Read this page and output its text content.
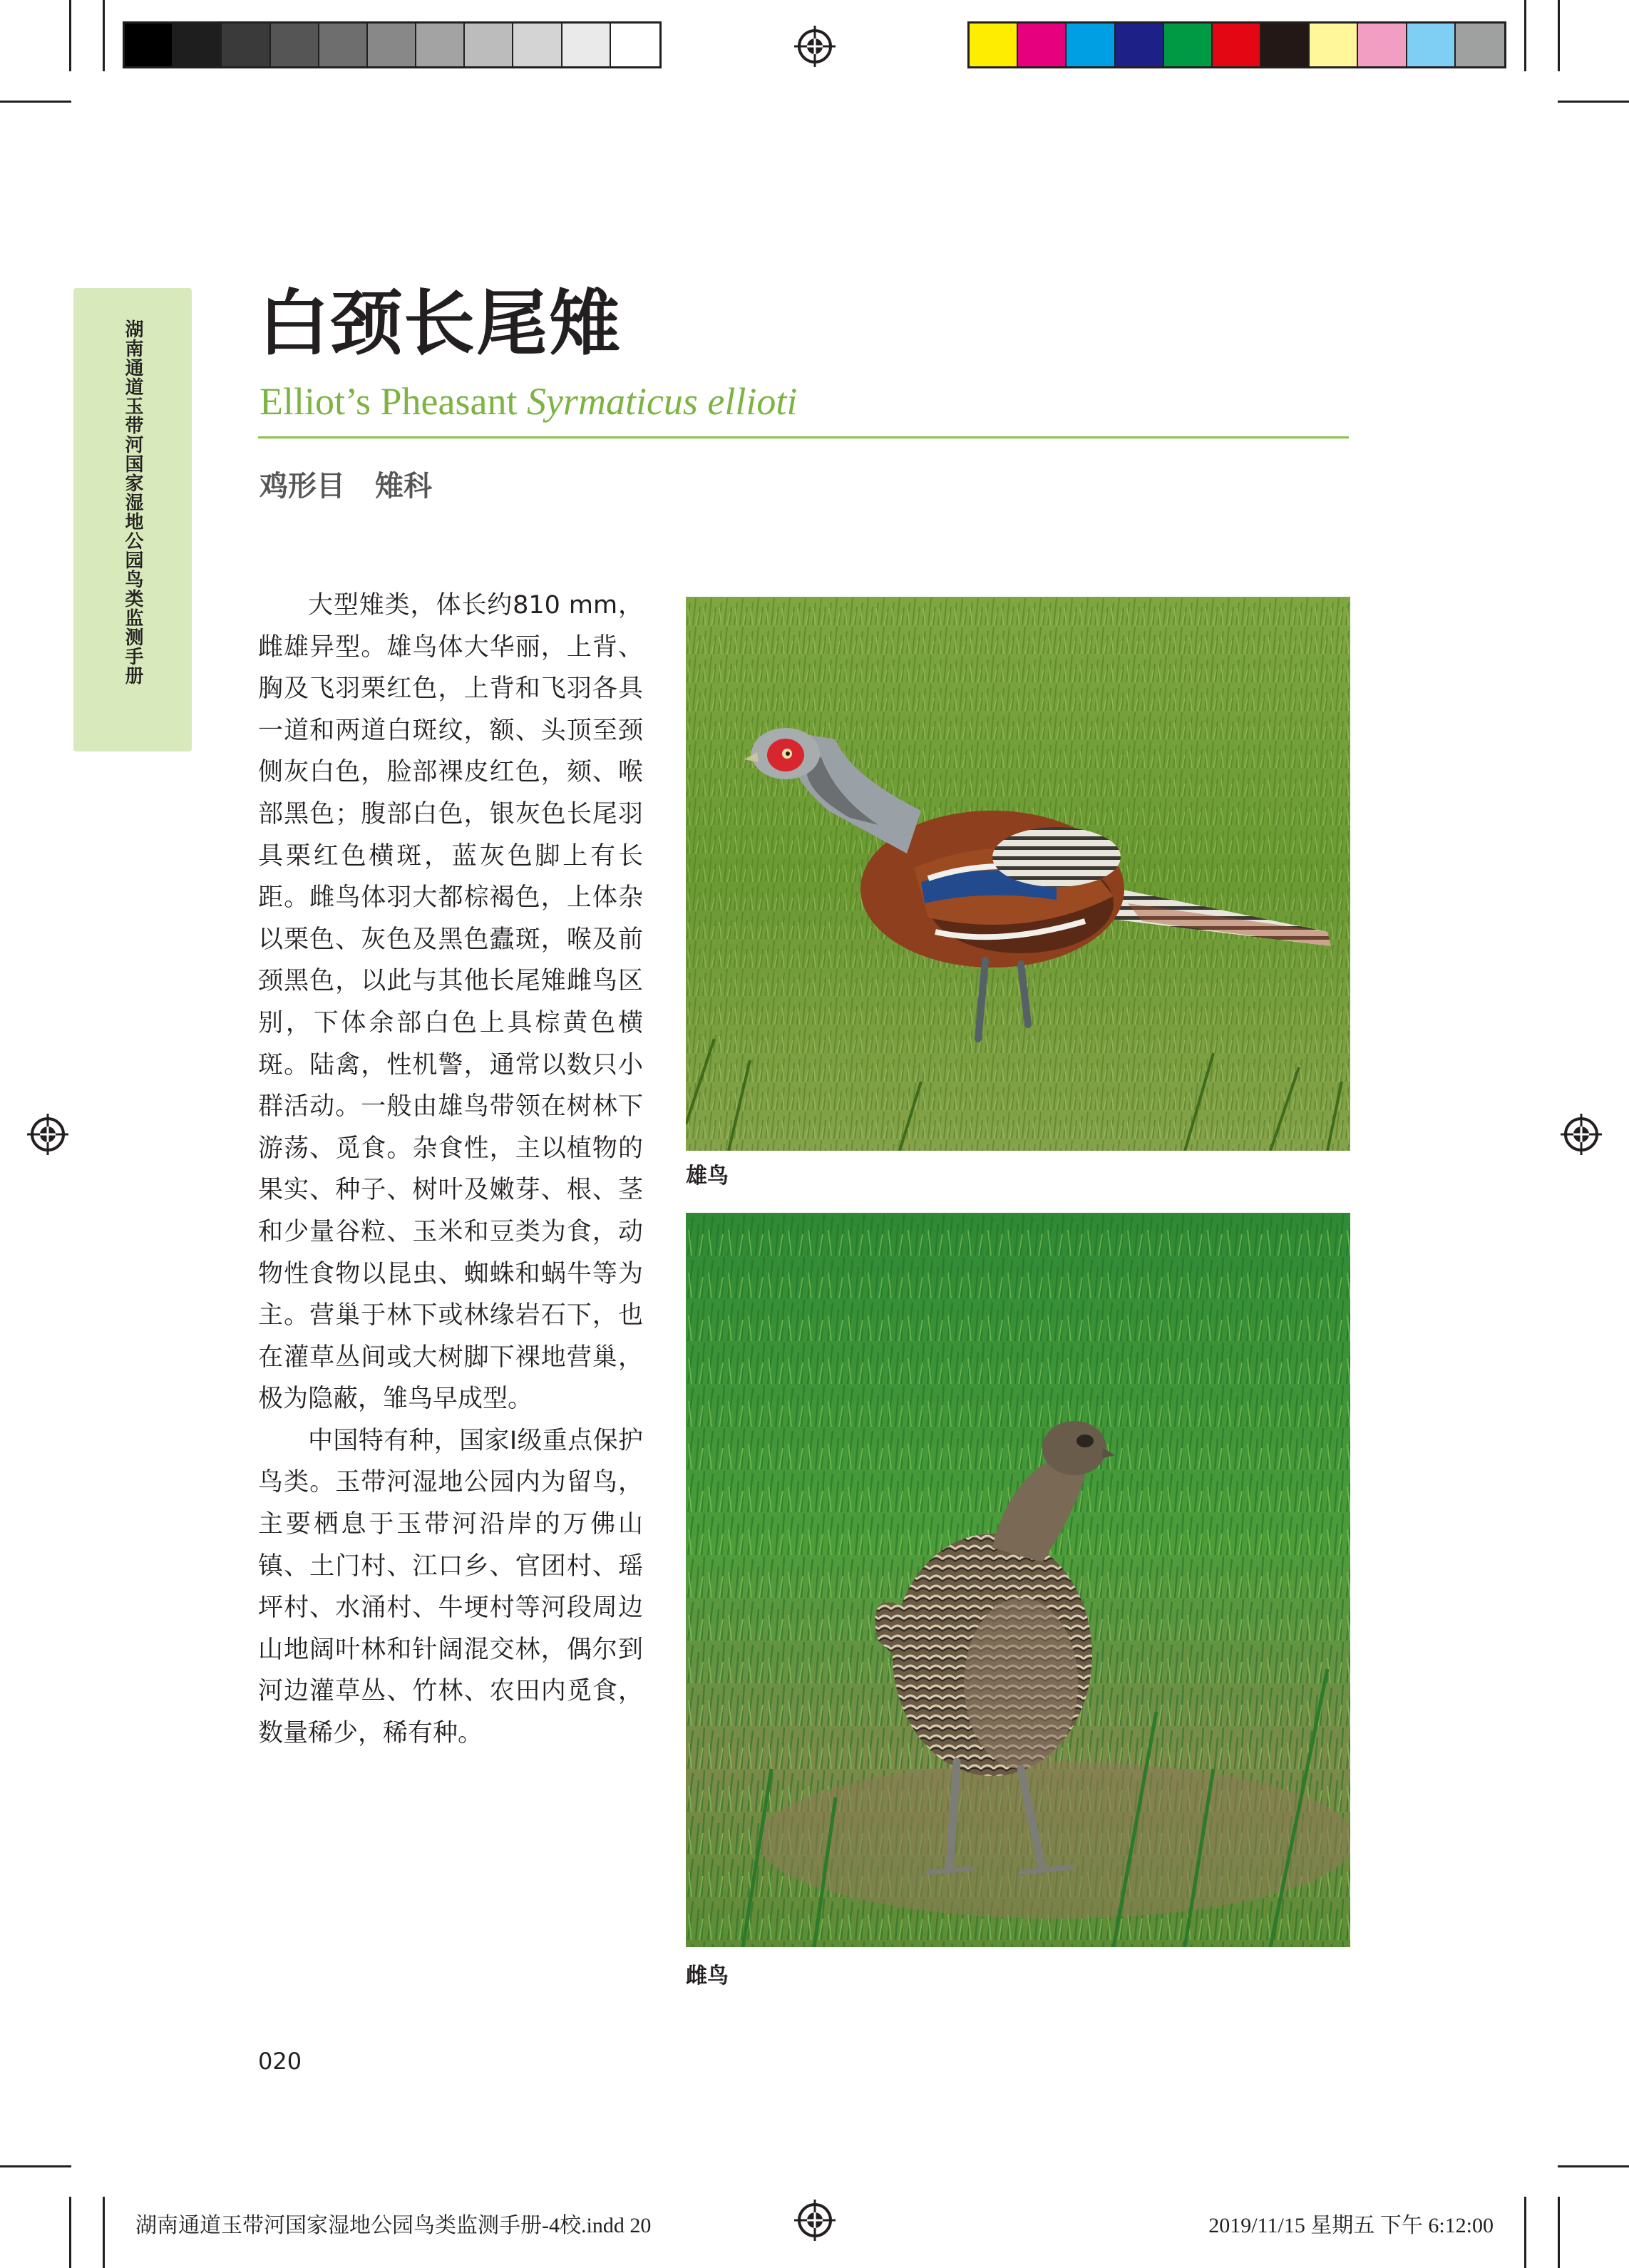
湖南通道玉带河国家湿地公园鸟类监测手册	白颈长尾雉
Elliot’s Pheasant Syrmaticus ellioti
鸡形目 雉科

大型雉类，体长约810 mm，雌雄异型。雄鸟体大华丽，上背、胸及飞羽栗红色，上背和飞羽各具一道和两道白斑纹，额、头顶至颈侧灰白色，脸部裸皮红色，颏、喉部黑色；腹部白色，银灰色长尾羽具栗红色横斑，蓝灰色脚上有长距。雌鸟体羽大都棕褐色，上体杂以栗色、灰色及黑色蠹斑，喉及前颈黑色，以此与其他长尾雉雌鸟区别，下体余部白色上具棕黄色横斑。陆禽，性机警，通常以数只小群活动。一般由雄鸟带领在树林下游荡、觅食。杂食性，主以植物的果实、种子、树叶及嫩芽、根、茎和少量谷粒、玉米和豆类为食，动物性食物以昆虫、蜘蛛和蜗牛等为主。营巢于林下或林缘岩石下，也在灌草丛间或大树脚下裸地营巢，极为隐蔽，雏鸟早成型。

中国特有种，国家Ⅰ级重点保护鸟类。玉带河湿地公园内为留鸟，主要栖息于玉带河沿岸的万佛山镇、土门村、江口乡、官团村、瑶坪村、水涌村、牛埂村等河段周边山地阔叶林和针阔混交林，偶尔到河边灌草丛、竹林、农田内觅食，数量稀少，稀有种。

雄鸟
雌鸟
020
湖南通道玉带河国家湿地公园鸟类监测手册-4校.indd 20	2019/11/15 星期五 下午 6:12:00
